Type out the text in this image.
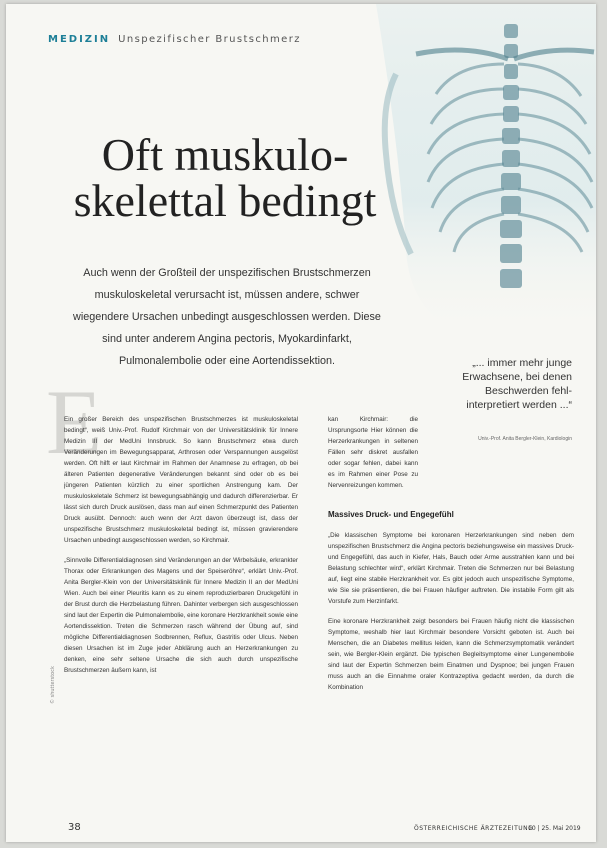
MEDIZIN Unspezifischer Brustschmerz
Oft muskulo-
skelettal bedingt
Auch wenn der Großteil der unspezifischen Brustschmerzen muskuloskeletal verursacht ist, müssen andere, schwer wiegendere Ursachen unbedingt ausgeschlossen werden. Diese sind unter anderem Angina pectoris, Myokardinfarkt, Pulmonalembolie oder eine Aortendissektion.
E
„... immer mehr junge Erwachsene, bei denen Beschwerden fehl-interpretiert werden ...“
Univ.-Prof. Anita Bergler-Klein, Kardiologin

Ein großer Bereich des unspezifischen Brustschmerzes ist muskuloskeletal bedingt“, weiß Univ.-Prof. Rudolf Kirchmair von der Universitätsklinik für Innere Medizin III der MedUni Innsbruck. So kann Brustschmerz etwa durch Veränderungen im Bewegungsapparat, Arthrosen oder Verspannungen ausgelöst werden. Oft hilft er laut Kirchmair im Rahmen der Anamnese zu erfragen, ob bei älteren Patienten degenerative Veränderungen bekannt sind oder ob es bei jüngeren Patienten kürzlich zu einer sportlichen Anstrengung kam. Der muskuloskeletale Schmerz ist bewegungsabhängig und dadurch differenzierbar. Er lässt sich durch Druck auslösen, dass man auf einen Schmerzpunkt des Patienten Druck ausübt. Dennoch: auch wenn der Arzt davon überzeugt ist, dass der unspezifische Brustschmerz muskuloskeletal bedingt ist, müssen gravierendere Ursachen unbedingt ausgeschlossen werden, so Kirchmair.

„Sinnvolle Differentialdiagnosen sind Veränderungen an der Wirbelsäule, erkrankter Thorax oder Erkrankungen des Magens und der Speiseröhre“, erklärt Univ.-Prof. Anita Bergler-Klein von der Universitätsklinik für Innere Medizin II an der MedUni Wien. Auch bei einer Pleuritis kann es zu einem reproduzierbaren Druckgefühl in der Brust durch die Herzbelastung führen. Dahinter verbergen sich ausgeschlossen sind laut der Expertin die Pulmonalembolie, eine koronare Herzkrankheit sowie eine Aortendissektion. Treten die Schmerzen rasch während der Übung auf, sind mögliche Differentialdiagnosen Sodbrennen, Reflux, Gastritis oder Ulcus. Neben diesen Ursachen ist im Zuge jeder Abklärung auch an Herzerkrankungen zu denken, eine sehr seltene Ursache die sich auch durch unspezifische Brustschmerzen äußern kann, ist

kan Kirchmair: die Ursprungsorte Hier können die Herzerkrankungen in seltenen Fällen sehr diskret ausfallen oder sogar fehlen, dabei kann es im Rahmen einer Pose zu Nervenreizungen kommen.

Massives Druck- und Engegefühl

„Die klassischen Symptome bei koronaren Herzerkrankungen sind neben dem unspezifischen Brustschmerz die Angina pectoris beziehungsweise ein massives Druck- und Engegefühl, das auch in Kiefer, Hals, Bauch oder Arme ausstrahlen kann und bei Belastung schlechter wird“, erklärt Kirchmair. Treten die Schmerzen nur bei Belastung auf, liegt eine stabile Herzkrankheit vor. Es gibt jedoch auch unspezifische Symptome, wie Sie sie präsentieren, die bei Frauen häufiger auftreten. Die instabile Form gilt als Vorstufe zum Herzinfarkt.

Eine koronare Herzkrankheit zeigt besonders bei Frauen häufig nicht die klassischen Symptome, weshalb hier laut Kirchmair besondere Vorsicht geboten ist. Auch bei Menschen, die an Diabetes mellitus leiden, kann die Schmerzsymptomatik verändert sein, wie Bergler-Klein ergänzt. Die typischen Begleitsymptome einer Lungenembolie sind laut der Expertin Schmerzen beim Einatmen und Dyspnoe; bei jungen Frauen muss auch an die Einnahme oraler Kontrazeptiva gedacht werden, da durch die Kombination

© shutterstock
38	ÖSTERREICHISCHE ÄRZTEZEITUNG
10 | 25. Mai 2019
